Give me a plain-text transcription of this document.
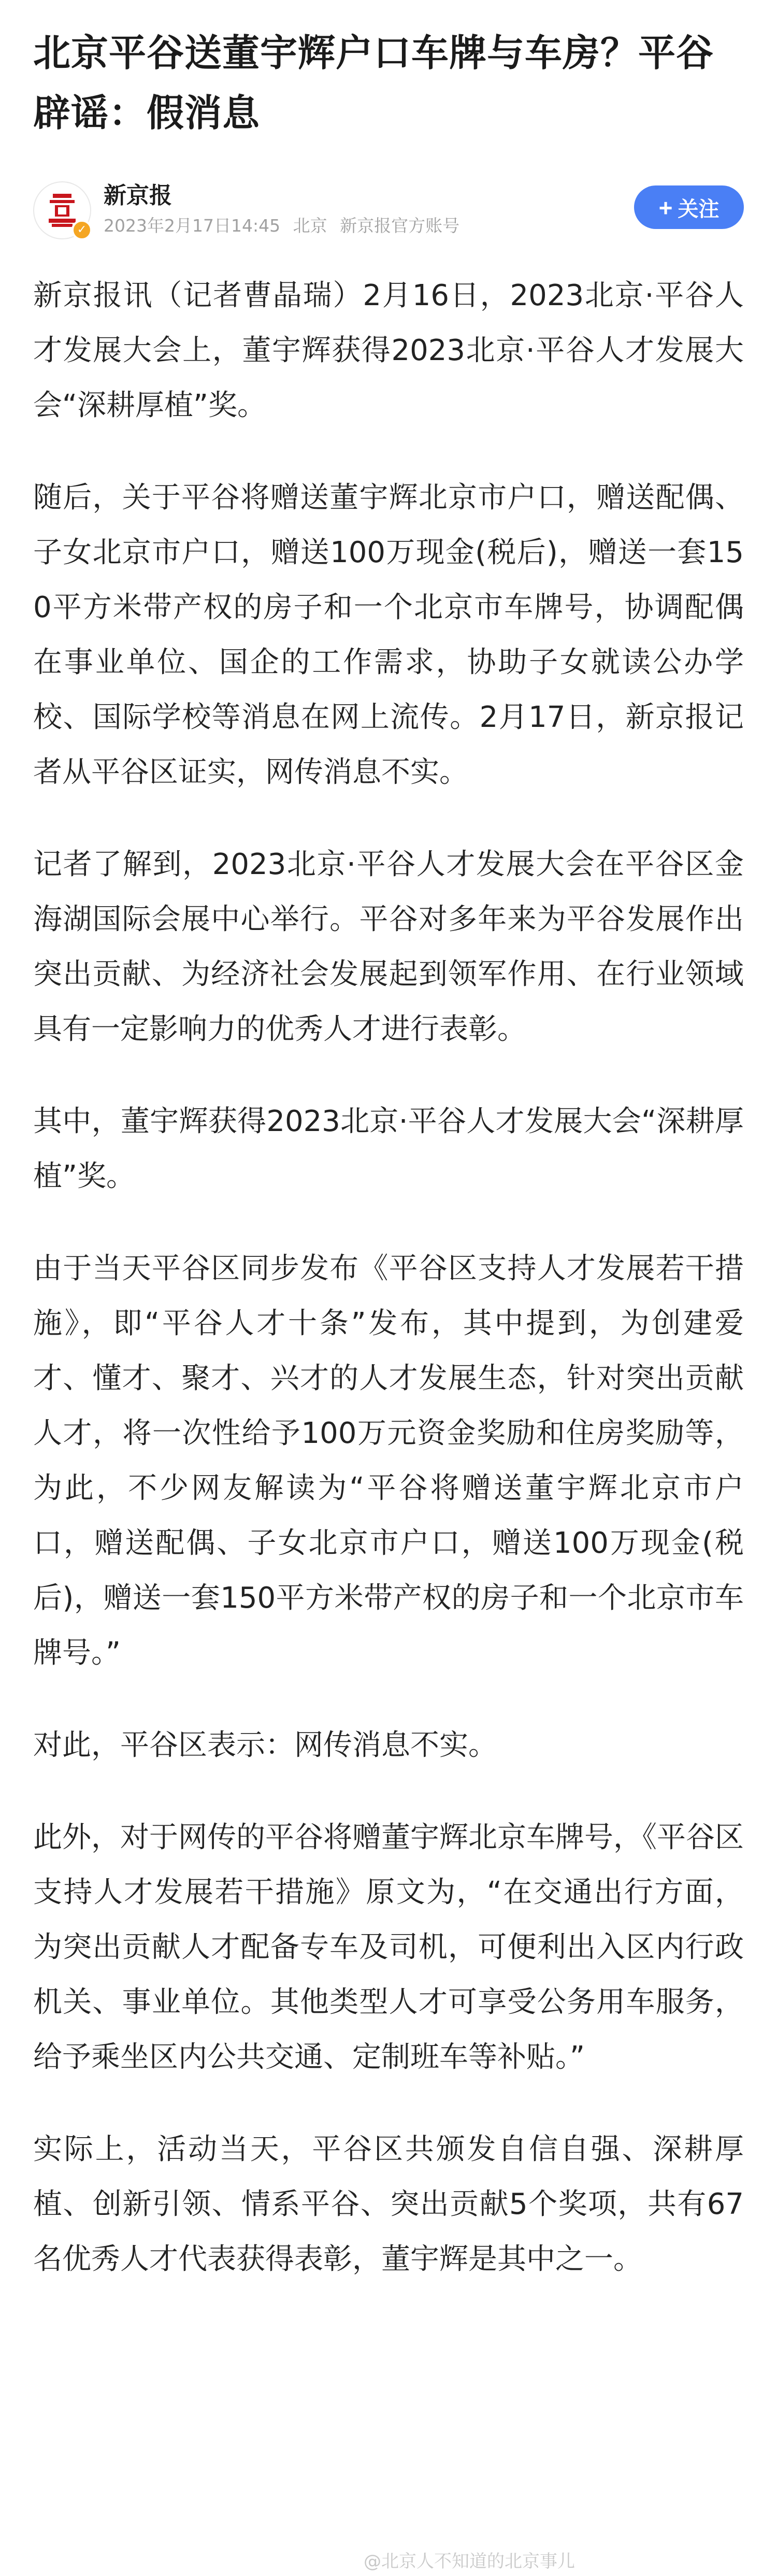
北京平谷送董宇辉户口车牌与车房？平谷辟谣：假消息
✓
新京报
2023年2月17日14:45 北京 新京报官方账号
+ 关注

新京报讯（记者曹晶瑞）2月16日，2023北京·平谷人才发展大会上，董宇辉获得2023北京·平谷人才发展大会“深耕厚植”奖。

随后，关于平谷将赠送董宇辉北京市户口，赠送配偶、子女北京市户口，赠送100万现金(税后)，赠送一套150平方米带产权的房子和一个北京市车牌号，协调配偶在事业单位、国企的工作需求，协助子女就读公办学校、国际学校等消息在网上流传。2月17日，新京报记者从平谷区证实，网传消息不实。

记者了解到，2023北京·平谷人才发展大会在平谷区金海湖国际会展中心举行。平谷对多年来为平谷发展作出突出贡献、为经济社会发展起到领军作用、在行业领域具有一定影响力的优秀人才进行表彰。

其中，董宇辉获得2023北京·平谷人才发展大会“深耕厚植”奖。

由于当天平谷区同步发布《平谷区支持人才发展若干措施》，即“平谷人才十条”发布，其中提到，为创建爱才、懂才、聚才、兴才的人才发展生态，针对突出贡献人才，将一次性给予100万元资金奖励和住房奖励等，为此，不少网友解读为“平谷将赠送董宇辉北京市户口，赠送配偶、子女北京市户口，赠送100万现金(税后)，赠送一套150平方米带产权的房子和一个北京市车牌号。”

对此，平谷区表示：网传消息不实。

此外，对于网传的平谷将赠董宇辉北京车牌号，《平谷区支持人才发展若干措施》原文为，“在交通出行方面，为突出贡献人才配备专车及司机，可便利出入区内行政机关、事业单位。其他类型人才可享受公务用车服务，给予乘坐区内公共交通、定制班车等补贴。”

实际上，活动当天，平谷区共颁发自信自强、深耕厚植、创新引领、情系平谷、突出贡献5个奖项，共有67名优秀人才代表获得表彰，董宇辉是其中之一。

@北京人不知道的北京事儿
